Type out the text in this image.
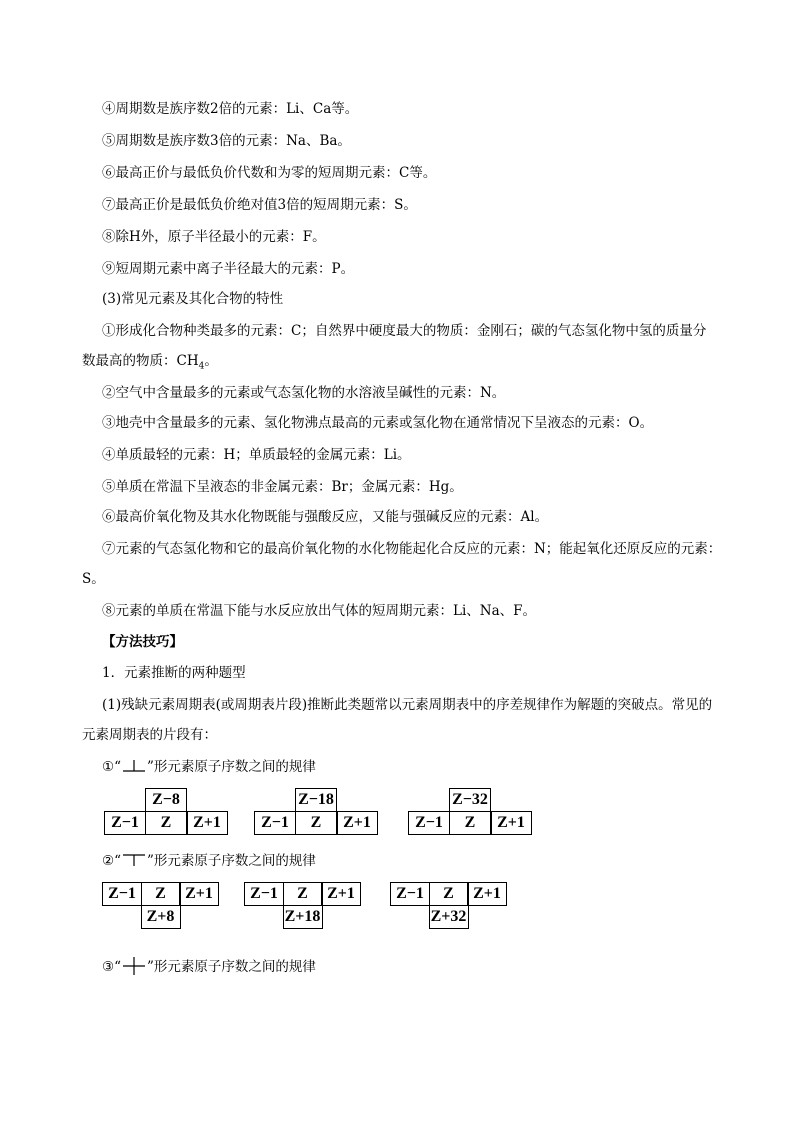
④周期数是族序数2倍的元素：Li、Ca等。
⑤周期数是族序数3倍的元素：Na、Ba。
⑥最高正价与最低负价代数和为零的短周期元素：C等。
⑦最高正价是最低负价绝对值3倍的短周期元素：S。
⑧除H外，原子半径最小的元素：F。
⑨短周期元素中离子半径最大的元素：P。
(3)常见元素及其化合物的特性
①形成化合物种类最多的元素：C；自然界中硬度最大的物质：金刚石；碳的气态氢化物中氢的质量分
数最高的物质：$CH_4$。
②空气中含量最多的元素或气态氢化物的水溶液呈碱性的元素：N。
③地壳中含量最多的元素、氢化物沸点最高的元素或氢化物在通常情况下呈液态的元素：O。
④单质最轻的元素：H；单质最轻的金属元素：Li。
⑤单质在常温下呈液态的非金属元素：Br；金属元素：Hg。
⑥最高价氧化物及其水化物既能与强酸反应，又能与强碱反应的元素：Al。
⑦元素的气态氢化物和它的最高价氧化物的水化物能起化合反应的元素：N；能起氧化还原反应的元素：
S。
⑧元素的单质在常温下能与水反应放出气体的短周期元素：Li、Na、F。
【方法技巧】
1．元素推断的两种题型
(1)残缺元素周期表(或周期表片段)推断此类题常以元素周期表中的序差规律作为解题的突破点。常见的
元素周期表的片段有：
①“ ”形元素原子序数之间的规律
Z−8
Z−1	Z	Z+1
Z−18
Z−1	Z	Z+1
Z−32
Z−1	Z	Z+1
②“ ”形元素原子序数之间的规律
Z−1	Z	Z+1
Z+8
Z−1	Z	Z+1
Z+18
Z−1	Z	Z+1
Z+32
③“ ”形元素原子序数之间的规律
